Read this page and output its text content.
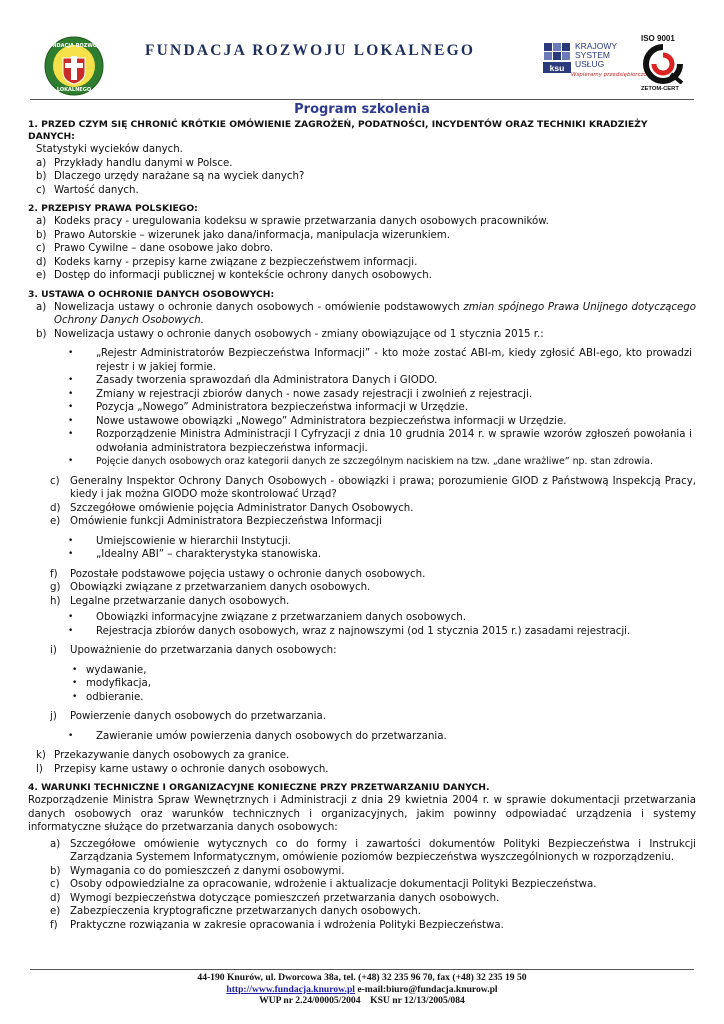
FUNDACJA ROZWOJU
LOKALNEGO
FUNDACJA ROZWOJU LOKALNEGO
ksu
KRAJOWY
SYSTEM
USŁUG
Wspieramy przedsiębiorczość
ISO 9001
ZETOM-CERT
Program szkolenia
1. PRZED CZYM SIĘ CHRONIĆ KRÓTKIE OMÓWIENIE ZAGROŻEŃ, PODATNOŚCI, INCYDENTÓW ORAZ TECHNIKI KRADZIEŻY DANYCH:
Statystyki wycieków danych.
a) Przykłady handlu danymi w Polsce.
b) Dlaczego urzędy narażane są na wyciek danych?
c) Wartość danych.
2. PRZEPISY PRAWA POLSKIEGO:
a) Kodeks pracy - uregulowania kodeksu w sprawie przetwarzania danych osobowych pracowników.
b) Prawo Autorskie – wizerunek jako dana/informacja, manipulacja wizerunkiem.
c) Prawo Cywilne – dane osobowe jako dobro.
d) Kodeks karny - przepisy karne związane z bezpieczeństwem informacji.
e) Dostęp do informacji publicznej w kontekście ochrony danych osobowych.
3. USTAWA O OCHRONIE DANYCH OSOBOWYCH:
a) Nowelizacja ustawy o ochronie danych osobowych - omówienie podstawowych zmian spójnego Prawa Unijnego dotyczącego Ochrony Danych Osobowych.
b) Nowelizacja ustawy o ochronie danych osobowych - zmiany obowiązujące od 1 stycznia 2015 r.:
•	„Rejestr Administratorów Bezpieczeństwa Informacji” - kto może zostać ABI-m, kiedy zgłosić ABI-ego, kto prowadzi rejestr i w jakiej formie.
•	Zasady tworzenia sprawozdań dla Administratora Danych i GIODO.
•	Zmiany w rejestracji zbiorów danych - nowe zasady rejestracji i zwolnień z rejestracji.
•	Pozycja „Nowego” Administratora bezpieczeństwa informacji w Urzędzie.
•	Nowe ustawowe obowiązki „Nowego” Administratora bezpieczeństwa informacji w Urzędzie.
•	Rozporządzenie Ministra Administracji I Cyfryzacji z dnia 10 grudnia 2014 r. w sprawie wzorów zgłoszeń powołania i odwołania administratora bezpieczeństwa informacji.
•	Pojęcie danych osobowych oraz kategorii danych ze szczególnym naciskiem na tzw. „dane wrażliwe” np. stan zdrowia.
c)	Generalny Inspektor Ochrony Danych Osobowych - obowiązki i prawa; porozumienie GIOD z Państwową Inspekcją Pracy, kiedy i jak można GIODO może skontrolować Urząd?
d) Szczegółowe omówienie pojęcia Administrator Danych Osobowych.
e) Omówienie funkcji Administratora Bezpieczeństwa Informacji
•	Umiejscowienie w hierarchii Instytucji.
•	„Idealny ABI” – charakterystyka stanowiska.
f)	Pozostałe podstawowe pojęcia ustawy o ochronie danych osobowych.
g) Obowiązki związane z przetwarzaniem danych osobowych.
h) Legalne przetwarzanie danych osobowych.
•	Obowiązki informacyjne związane z przetwarzaniem danych osobowych.
•	Rejestracja zbiorów danych osobowych, wraz z najnowszymi (od 1 stycznia 2015 r.) zasadami rejestracji.
i)	Upoważnienie do przetwarzania danych osobowych:
• wydawanie,
• modyfikacja,
• odbieranie.
j)	Powierzenie danych osobowych do przetwarzania.
•	Zawieranie umów powierzenia danych osobowych do przetwarzania.
k) Przekazywanie danych osobowych za granice.
l)	Przepisy karne ustawy o ochronie danych osobowych.
4. WARUNKI TECHNICZNE I ORGANIZACYJNE KONIECZNE PRZY PRZETWARZANIU DANYCH.
Rozporządzenie Ministra Spraw Wewnętrznych i Administracji z dnia 29 kwietnia 2004 r. w sprawie dokumentacji przetwarzania danych osobowych oraz warunków technicznych i organizacyjnych, jakim powinny odpowiadać urządzenia i systemy informatyczne służące do przetwarzania danych osobowych:
a) Szczegółowe omówienie wytycznych co do formy i zawartości dokumentów Polityki Bezpieczeństwa i Instrukcji Zarządzania Systemem Informatycznym, omówienie poziomów bezpieczeństwa wyszczególnionych w rozporządzeniu.
b) Wymagania co do pomieszczeń z danymi osobowymi.
c)	Osoby odpowiedzialne za opracowanie, wdrożenie i aktualizacje dokumentacji Polityki Bezpieczeństwa.
d) Wymogi bezpieczeństwa dotyczące pomieszczeń przetwarzania danych osobowych.
e) Zabezpieczenia kryptograficzne przetwarzanych danych osobowych.
f)	Praktyczne rozwiązania w zakresie opracowania i wdrożenia Polityki Bezpieczeństwa.
44-190 Knurów, ul. Dworcowa 38a, tel. (+48) 32 235 96 70, fax (+48) 32 235 19 50
http://www.fundacja.knurow.pl e-mail:biuro@fundacja.knurow.pl
WUP nr 2.24/00005/2004    KSU nr 12/13/2005/084
